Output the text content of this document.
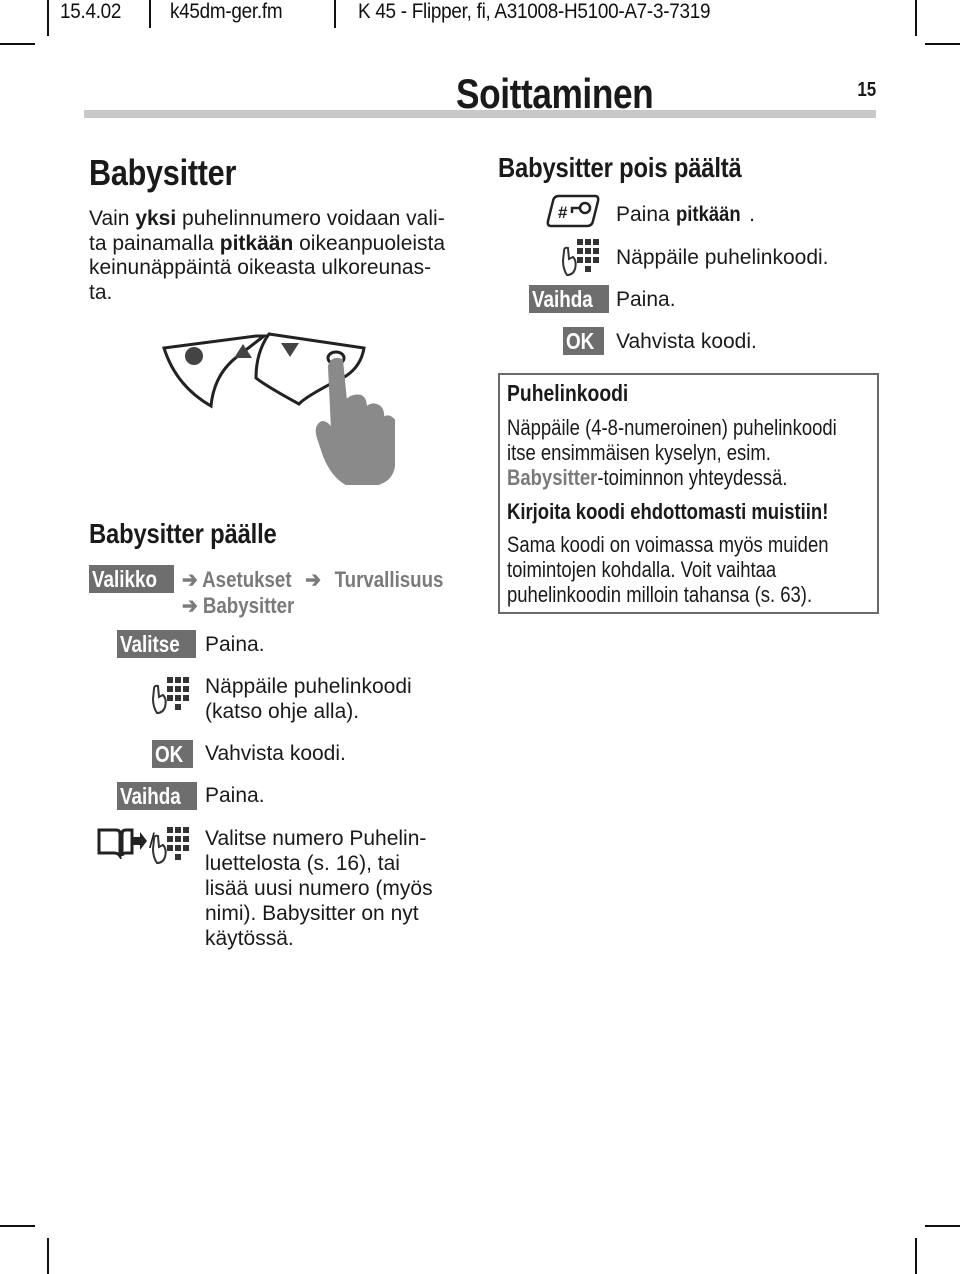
15.4.02 k45dm-ger.fm	K 45 - Flipper, fi, A31008-H5100-A7-3-7319
Soittaminen	15
Babysitter
Vain yksi puhelinnumero voidaan vali-
ta painamalla pitkään oikeanpuoleista
keinunäppäintä oikeasta ulkoreunas-
ta.
Babysitter päälle
Valikko	➔ Asetukset ➔ Turvallisuus
➔ Babysitter
Valitse	Paina.
Näppäile puhelinkoodi
(katso ohje alla).
OK	Vahvista koodi.
Vaihda	Paina.
/ Valitse numero Puhelin-
luettelosta (s. 16), tai
lisää uusi numero (myös
nimi). Babysitter on nyt
käytössä.
Babysitter pois päältä
# Paina pitkään .
Näppäile puhelinkoodi.
Vaihda	Paina.
OK	Vahvista koodi.
Puhelinkoodi
Näppäile (4-8-numeroinen) puhelinkoodi
itse ensimmäisen kyselyn, esim.
Babysitter-toiminnon yhteydessä.
Kirjoita koodi ehdottomasti muistiin!
Sama koodi on voimassa myös muiden
toimintojen kohdalla. Voit vaihtaa
puhelinkoodin milloin tahansa (s. 63).
